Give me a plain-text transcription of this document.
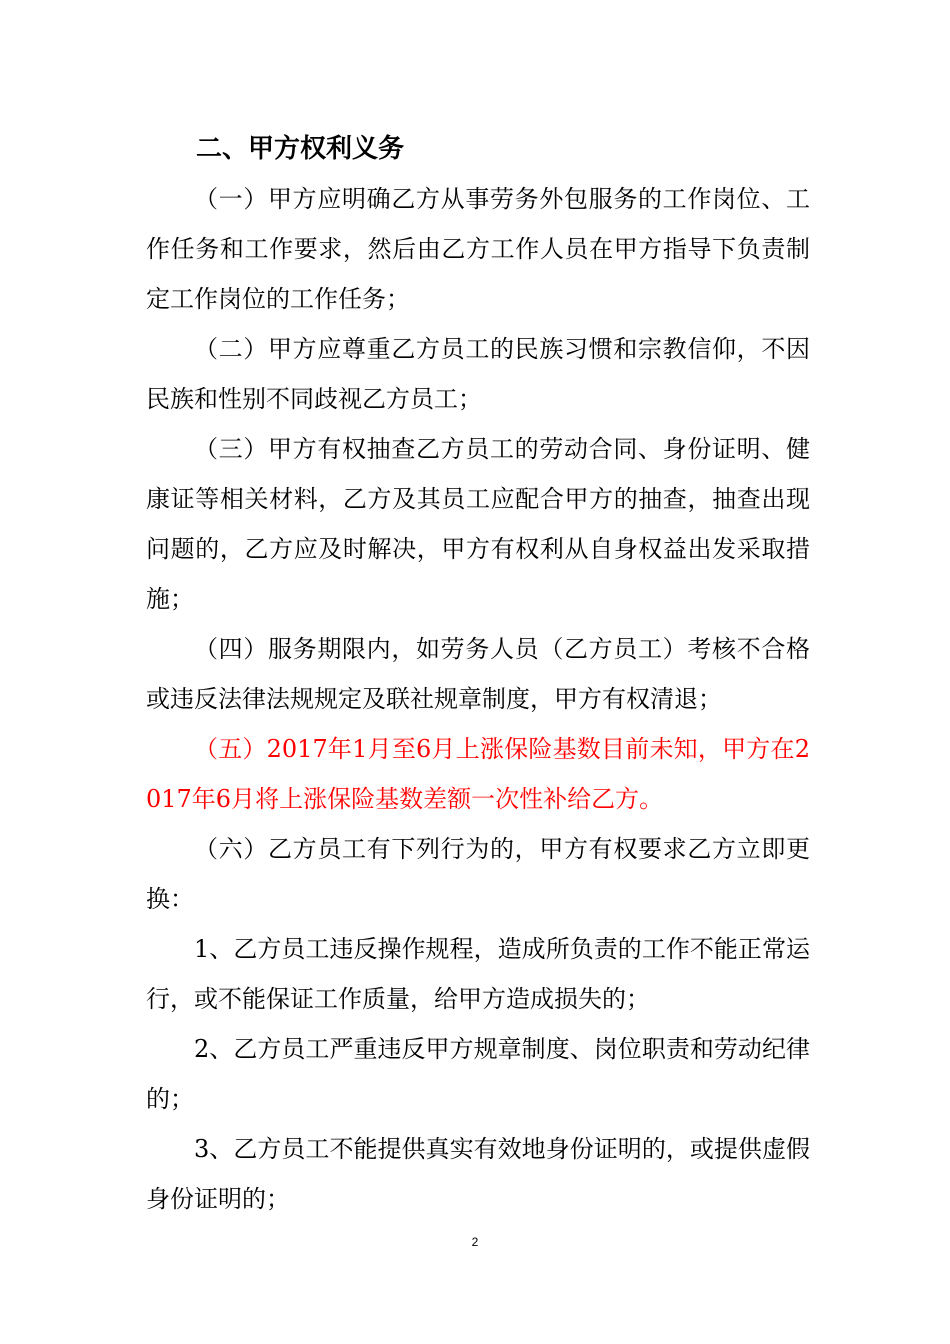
二、甲方权利义务

（一）甲方应明确乙方从事劳务外包服务的工作岗位、工作任务和工作要求，然后由乙方工作人员在甲方指导下负责制定工作岗位的工作任务；

（二）甲方应尊重乙方员工的民族习惯和宗教信仰，不因民族和性别不同歧视乙方员工；

（三）甲方有权抽查乙方员工的劳动合同、身份证明、健康证等相关材料，乙方及其员工应配合甲方的抽查，抽查出现问题的，乙方应及时解决，甲方有权利从自身权益出发采取措施；

（四）服务期限内，如劳务人员（乙方员工）考核不合格或违反法律法规规定及联社规章制度，甲方有权清退；

（五）2017年1月至6月上涨保险基数目前未知，甲方在2017年6月将上涨保险基数差额一次性补给乙方。

（六）乙方员工有下列行为的，甲方有权要求乙方立即更换：

1、乙方员工违反操作规程，造成所负责的工作不能正常运行，或不能保证工作质量，给甲方造成损失的；

2、乙方员工严重违反甲方规章制度、岗位职责和劳动纪律的；

3、乙方员工不能提供真实有效地身份证明的，或提供虚假身份证明的；

2
